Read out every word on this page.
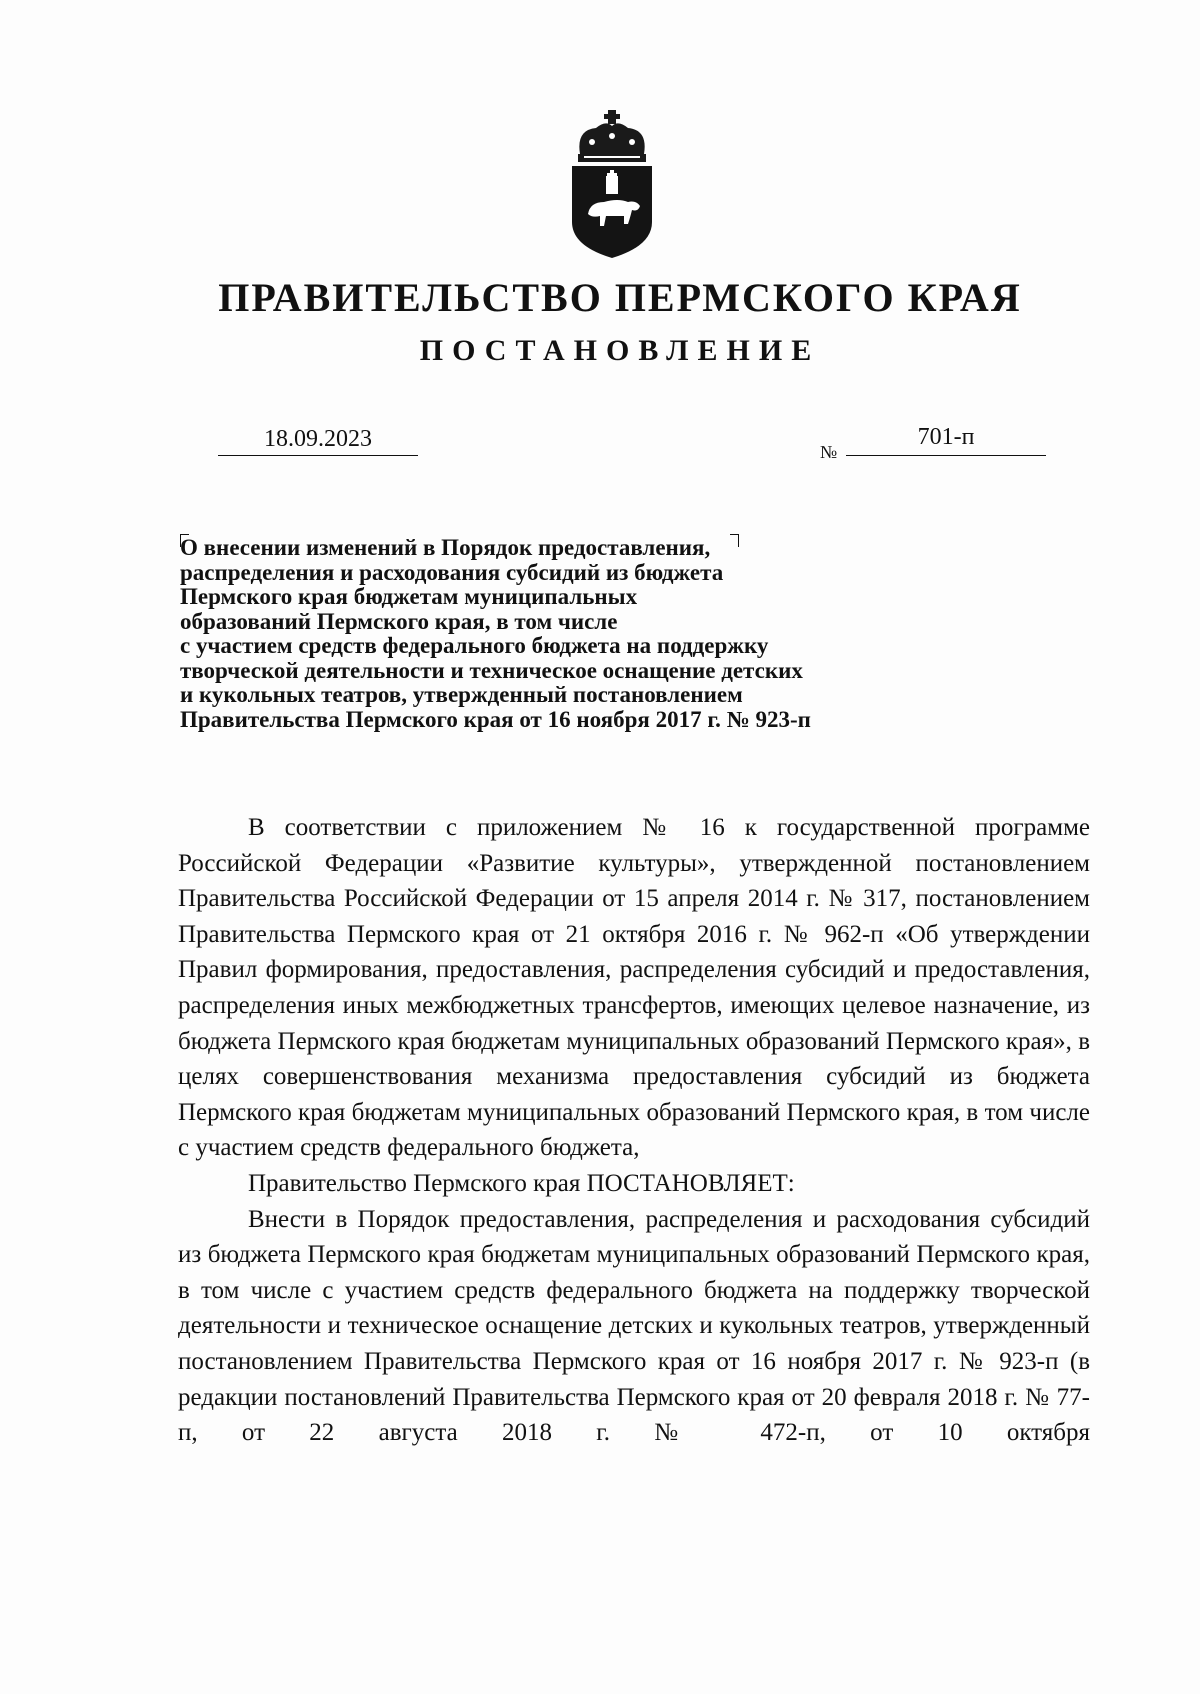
ПРАВИТЕЛЬСТВО ПЕРМСКОГО КРАЯ
ПОСТАНОВЛЕНИЕ
18.09.2023	№
701-п
О внесении изменений в Порядок предоставления,
распределения и расходования субсидий из бюджета
Пермского края бюджетам муниципальных
образований Пермского края, в том числе
с участием средств федерального бюджета на поддержку
творческой деятельности и техническое оснащение детских
и кукольных театров, утвержденный постановлением
Правительства Пермского края от 16 ноября 2017 г. № 923-п

В соответствии с приложением № 16 к государственной программе Российской Федерации «Развитие культуры», утвержденной постановлением Правительства Российской Федерации от 15 апреля 2014 г. № 317, постановлением Правительства Пермского края от 21 октября 2016 г. № 962-п «Об утверждении Правил формирования, предоставления, распределения субсидий и предоставления, распределения иных межбюджетных трансфертов, имеющих целевое назначение, из бюджета Пермского края бюджетам муниципальных образований Пермского края», в целях совершенствования механизма предоставления субсидий из бюджета Пермского края бюджетам муниципальных образований Пермского края, в том числе с участием средств федерального бюджета,

Правительство Пермского края ПОСТАНОВЛЯЕТ:

Внести в Порядок предоставления, распределения и расходования субсидий из бюджета Пермского края бюджетам муниципальных образований Пермского края, в том числе с участием средств федерального бюджета на поддержку творческой деятельности и техническое оснащение детских и кукольных театров, утвержденный постановлением Правительства Пермского края от 16 ноября 2017 г. № 923-п (в редакции постановлений Правительства Пермского края от 20 февраля 2018 г. № 77-п, от 22 августа 2018 г. № 472-п, от 10 октября
